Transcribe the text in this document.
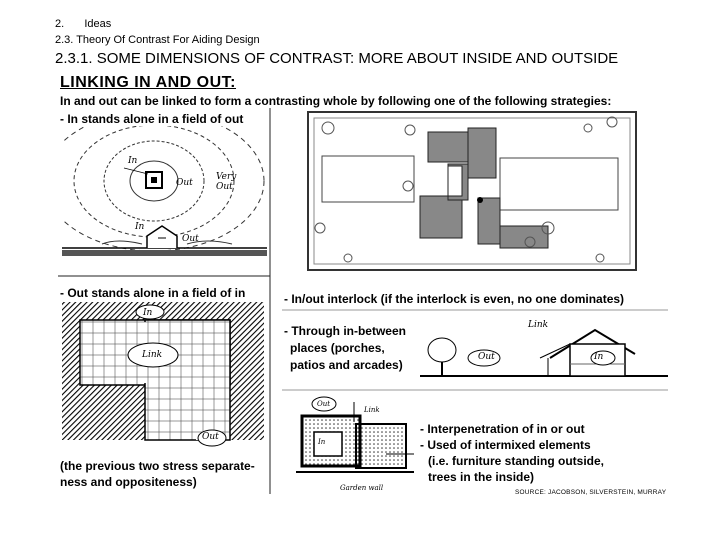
2. Ideas
2.3. Theory Of Contrast For Aiding Design
2.3.1. SOME DIMENSIONS OF CONTRAST: MORE ABOUT INSIDE AND OUTSIDE
LINKING IN AND OUT:
In and out can be linked to form a contrasting whole by following one of the following strategies:
- In stands alone in a field of out
- Out stands alone in a field of in	- In/out interlock (if the interlock is even, no one dominates)
- Through in-between
places (porches,
patios and arcades)
- Interpenetration of in or out
- Used of intermixed elements
(i.e. furniture standing outside,
trees in the inside)
(the previous two stress separate-
ness and oppositeness)
SOURCE: JACOBSON, SILVERSTEIN, MURRAY
In
Out
Very Out
In
Out
In
Link
Out
Out
Link
In
Out
Link
In
Garden wall
